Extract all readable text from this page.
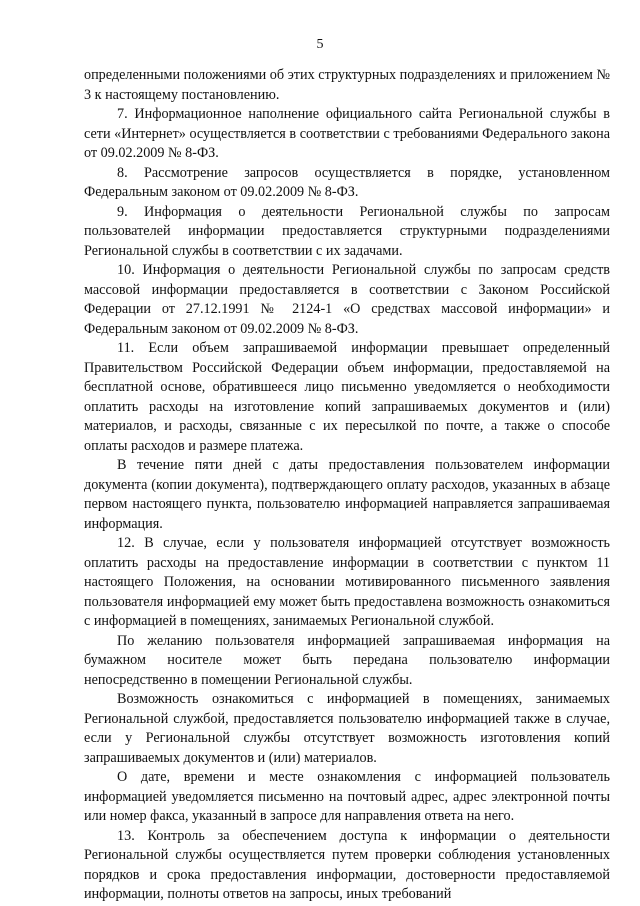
5

определенными положениями об этих структурных подразделениях и приложением № 3 к настоящему постановлению.

7. Информационное наполнение официального сайта Региональной службы в сети «Интернет» осуществляется в соответствии с требованиями Федерального закона от 09.02.2009 № 8-ФЗ.

8. Рассмотрение запросов осуществляется в порядке, установленном Федеральным законом от 09.02.2009 № 8-ФЗ.

9. Информация о деятельности Региональной службы по запросам пользователей информации предоставляется структурными подразделениями Региональной службы в соответствии с их задачами.

10. Информация о деятельности Региональной службы по запросам средств массовой информации предоставляется в соответствии с Законом Российской Федерации от 27.12.1991 № 2124-1 «О средствах массовой информации» и Федеральным законом от 09.02.2009 № 8-ФЗ.

11. Если объем запрашиваемой информации превышает определенный Правительством Российской Федерации объем информации, предоставляемой на бесплатной основе, обратившееся лицо письменно уведомляется о необходимости оплатить расходы на изготовление копий запрашиваемых документов и (или) материалов, и расходы, связанные с их пересылкой по почте, а также о способе оплаты расходов и размере платежа.

В течение пяти дней с даты предоставления пользователем информации документа (копии документа), подтверждающего оплату расходов, указанных в абзаце первом настоящего пункта, пользователю информацией направляется запрашиваемая информация.

12. В случае, если у пользователя информацией отсутствует возможность оплатить расходы на предоставление информации в соответствии с пунктом 11 настоящего Положения, на основании мотивированного письменного заявления пользователя информацией ему может быть предоставлена возможность ознакомиться с информацией в помещениях, занимаемых Региональной службой.

По желанию пользователя информацией запрашиваемая информация на бумажном носителе может быть передана пользователю информации непосредственно в помещении Региональной службы.

Возможность ознакомиться с информацией в помещениях, занимаемых Региональной службой, предоставляется пользователю информацией также в случае, если у Региональной службы отсутствует возможность изготовления копий запрашиваемых документов и (или) материалов.

О дате, времени и месте ознакомления с информацией пользователь информацией уведомляется письменно на почтовый адрес, адрес электронной почты или номер факса, указанный в запросе для направления ответа на него.

13. Контроль за обеспечением доступа к информации о деятельности Региональной службы осуществляется путем проверки соблюдения установленных порядков и срока предоставления информации, достоверности предоставляемой информации, полноты ответов на запросы, иных требований
